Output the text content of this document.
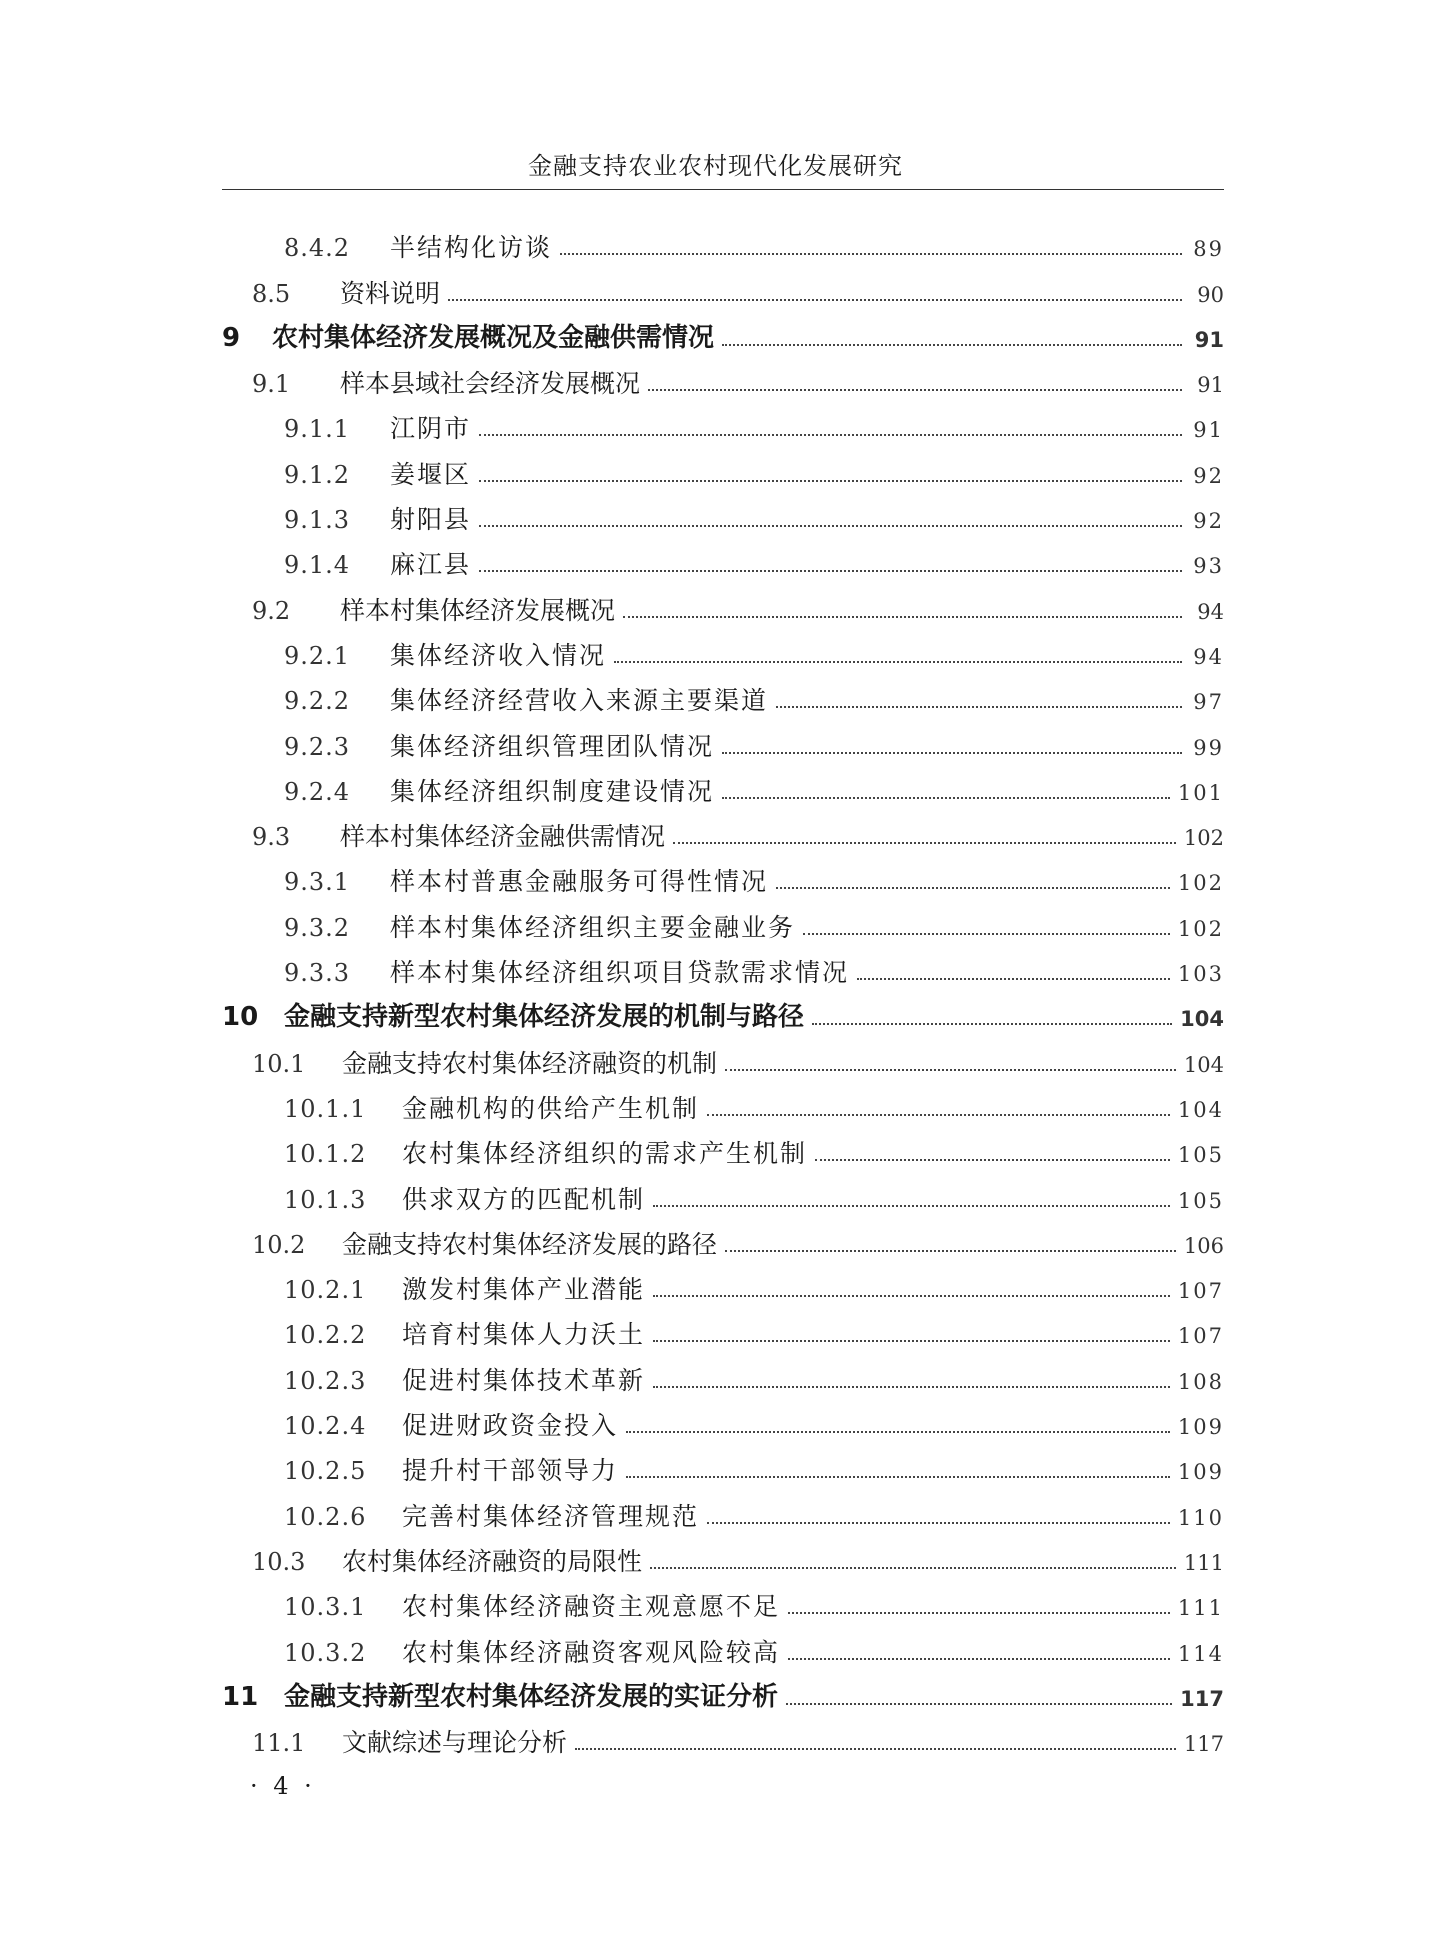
金融支持农业农村现代化发展研究
8.4.2	半结构化访谈	89
8.5	资料说明	90
9	农村集体经济发展概况及金融供需情况	91
9.1	样本县域社会经济发展概况	91
9.1.1	江阴市	91
9.1.2	姜堰区	92
9.1.3	射阳县	92
9.1.4	麻江县	93
9.2	样本村集体经济发展概况	94
9.2.1	集体经济收入情况	94
9.2.2	集体经济经营收入来源主要渠道	97
9.2.3	集体经济组织管理团队情况	99
9.2.4	集体经济组织制度建设情况	101
9.3	样本村集体经济金融供需情况	102
9.3.1	样本村普惠金融服务可得性情况	102
9.3.2	样本村集体经济组织主要金融业务	102
9.3.3	样本村集体经济组织项目贷款需求情况	103
10 金融支持新型农村集体经济发展的机制与路径	104
10.1	金融支持农村集体经济融资的机制	104
10.1.1	金融机构的供给产生机制	104
10.1.2	农村集体经济组织的需求产生机制	105
10.1.3	供求双方的匹配机制	105
10.2	金融支持农村集体经济发展的路径	106
10.2.1	激发村集体产业潜能	107
10.2.2	培育村集体人力沃土	107
10.2.3	促进村集体技术革新	108
10.2.4	促进财政资金投入	109
10.2.5	提升村干部领导力	109
10.2.6	完善村集体经济管理规范	110
10.3	农村集体经济融资的局限性	111
10.3.1	农村集体经济融资主观意愿不足	111
10.3.2	农村集体经济融资客观风险较高	114
11 金融支持新型农村集体经济发展的实证分析	117
11.1	文献综述与理论分析	117
· 4 ·
